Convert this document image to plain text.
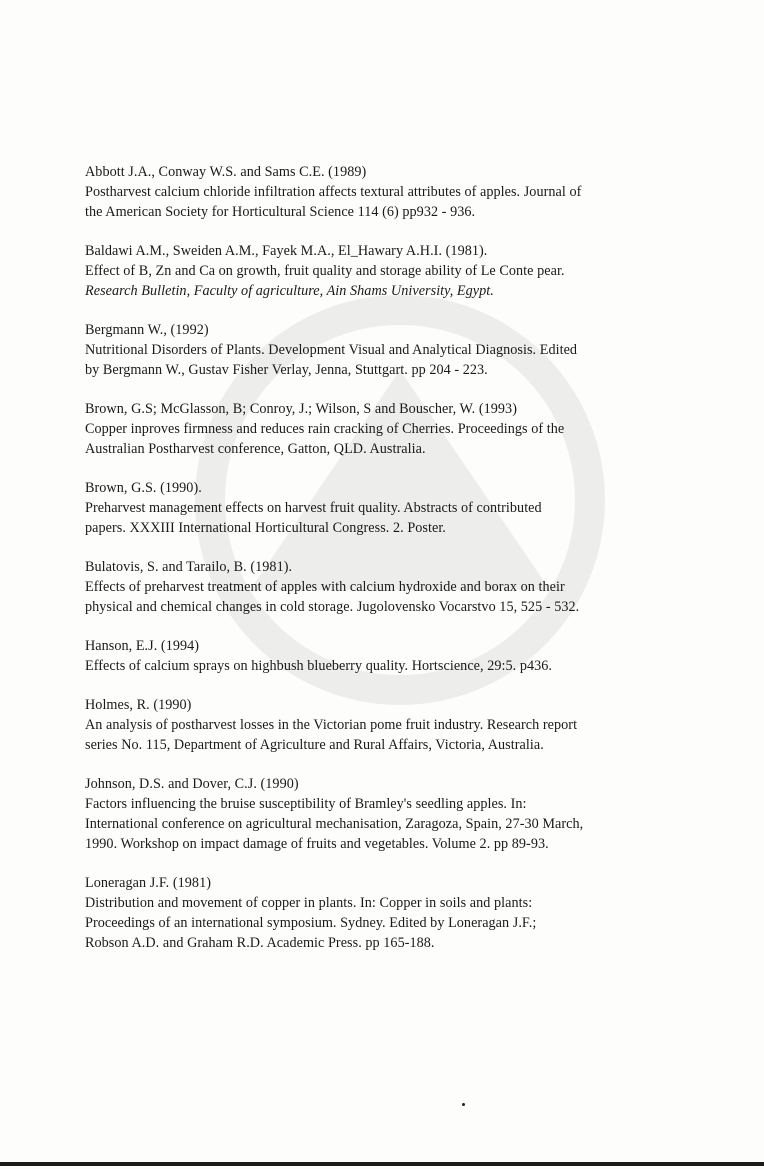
Abbott J.A., Conway W.S. and Sams C.E. (1989)
Postharvest calcium chloride infiltration affects textural attributes of apples. Journal of
the American Society for Horticultural Science 114 (6) pp932 - 936.
Baldawi A.M., Sweiden A.M., Fayek M.A., El_Hawary A.H.I. (1981).
Effect of B, Zn and Ca on growth, fruit quality and storage ability of Le Conte pear.
Research Bulletin, Faculty of agriculture, Ain Shams University, Egypt.
Bergmann W., (1992)
Nutritional Disorders of Plants. Development Visual and Analytical Diagnosis. Edited
by Bergmann W., Gustav Fisher Verlay, Jenna, Stuttgart. pp 204 - 223.
Brown, G.S; McGlasson, B; Conroy, J.; Wilson, S and Bouscher, W. (1993)
Copper inproves firmness and reduces rain cracking of Cherries. Proceedings of the
Australian Postharvest conference, Gatton, QLD. Australia.
Brown, G.S. (1990).
Preharvest management effects on harvest fruit quality. Abstracts of contributed
papers. XXXIII International Horticultural Congress. 2. Poster.
Bulatovis, S. and Tarailo, B. (1981).
Effects of preharvest treatment of apples with calcium hydroxide and borax on their
physical and chemical changes in cold storage. Jugolovensko Vocarstvo 15, 525 - 532.
Hanson, E.J. (1994)
Effects of calcium sprays on highbush blueberry quality. Hortscience, 29:5. p436.
Holmes, R. (1990)
An analysis of postharvest losses in the Victorian pome fruit industry. Research report
series No. 115, Department of Agriculture and Rural Affairs, Victoria, Australia.
Johnson, D.S. and Dover, C.J. (1990)
Factors influencing the bruise susceptibility of Bramley's seedling apples. In:
International conference on agricultural mechanisation, Zaragoza, Spain, 27-30 March,
1990. Workshop on impact damage of fruits and vegetables. Volume 2. pp 89-93.
Loneragan J.F. (1981)
Distribution and movement of copper in plants. In: Copper in soils and plants:
Proceedings of an international symposium. Sydney. Edited by Loneragan J.F.;
Robson A.D. and Graham R.D. Academic Press. pp 165-188.
